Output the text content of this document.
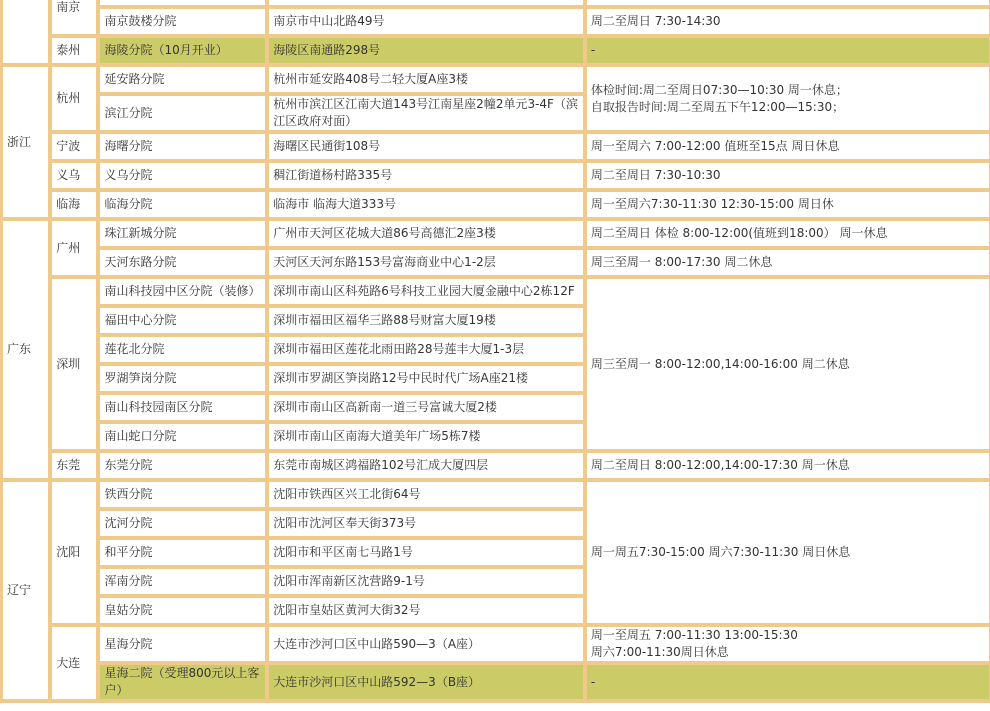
	南京			
		南京鼓楼分院	南京市中山北路49号	周二至周日 7:30-14:30
	泰州	海陵分院（10月开业）	海陵区南通路298号	-
浙江	杭州	延安路分院	杭州市延安路408号二轻大厦A座3楼	体检时间:周二至周日07:30—10:30 周一休息；
自取报告时间:周二至周五下午12:00—15:30；
		滨江分院	杭州市滨江区江南大道143号江南星座2幢2单元3-4F（滨江区政府对面）	
	宁波	海曙分院	海曙区民通街108号	周一至周六 7:00-12:00 值班至15点 周日休息
	义乌	义乌分院	稠江街道杨村路335号	周二至周日 7:30-10:30
	临海	临海分院	临海市 临海大道333号	周一至周六7:30-11:30 12:30-15:00 周日休
广东	广州	珠江新城分院	广州市天河区花城大道86号高德汇2座3楼	周二至周日 体检 8:00-12:00(值班到18:00） 周一休息
		天河东路分院	天河区天河东路153号富海商业中心1-2层	周三至周一 8:00-17:30 周二休息
	深圳	南山科技园中区分院（装修）	深圳市南山区科苑路6号科技工业园大厦金融中心2栋12F	周三至周一 8:00-12:00,14:00-16:00 周二休息
		福田中心分院	深圳市福田区福华三路88号财富大厦19楼	
		莲花北分院	深圳市福田区莲花北雨田路28号莲丰大厦1-3层	
		罗湖笋岗分院	深圳市罗湖区笋岗路12号中民时代广场A座21楼	
		南山科技园南区分院	深圳市南山区高新南一道三号富诚大厦2楼	
		南山蛇口分院	深圳市南山区南海大道美年广场5栋7楼	
	东莞	东莞分院	东莞市南城区鸿福路102号汇成大厦四层	周二至周日 8:00-12:00,14:00-17:30 周一休息
辽宁	沈阳	铁西分院	沈阳市铁西区兴工北街64号	周一周五7:30-15:00 周六7:30-11:30 周日休息
		沈河分院	沈阳市沈河区奉天街373号	
		和平分院	沈阳市和平区南七马路1号	
		浑南分院	沈阳市浑南新区沈营路9-1号	
		皇姑分院	沈阳市皇姑区黄河大街32号	
	大连	星海分院	大连市沙河口区中山路590—3（A座）	周一至周五 7:00-11:30 13:00-15:30
周六7:00-11:30周日休息
		星海二院（受理800元以上客户）	大连市沙河口区中山路592—3（B座）	-
